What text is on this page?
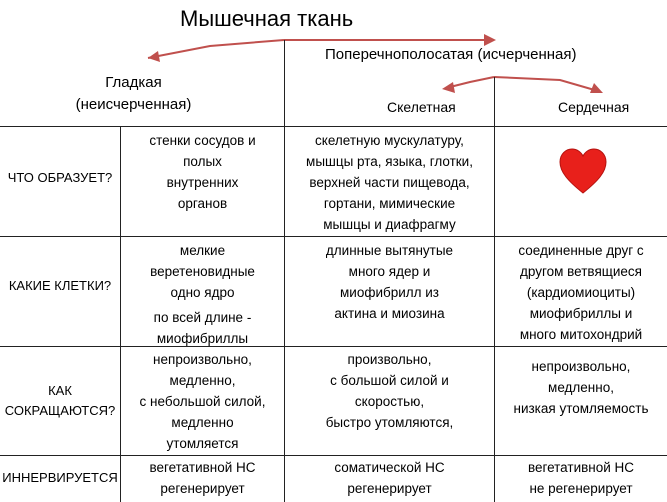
Мышечная ткань
Гладкая
(неисчерченная)
Поперечнополосатая (исчерченная)
Скелетная	Сердечная
ЧТО ОБРАЗУЕТ?
стенки сосудов и
полых
внутренних
органов
скелетную мускулатуру,
мышцы рта, языка, глотки,
верхней части пищевода,
гортани, мимические
мышцы и диафрагму
КАКИЕ КЛЕТКИ?
мелкие
веретеновидные
одно ядро
по всей длине -
миофибриллы
длинные вытянутые
много ядер и
миофибрилл из
актина и миозина
соединенные друг с
другом ветвящиеся
(кардиомиоциты)
миофибриллы и
много митохондрий
КАК
СОКРАЩАЮТСЯ?
непроизвольно,
медленно,
с небольшой силой,
медленно
утомляется
произвольно,
с большой силой и
скоростью,
быстро утомляются,
непроизвольно,
медленно,
низкая утомляемость
ИННЕРВИРУЕТСЯ
вегетативной НС
регенерирует
соматической НС
регенерирует
вегетативной НС
не регенерирует
